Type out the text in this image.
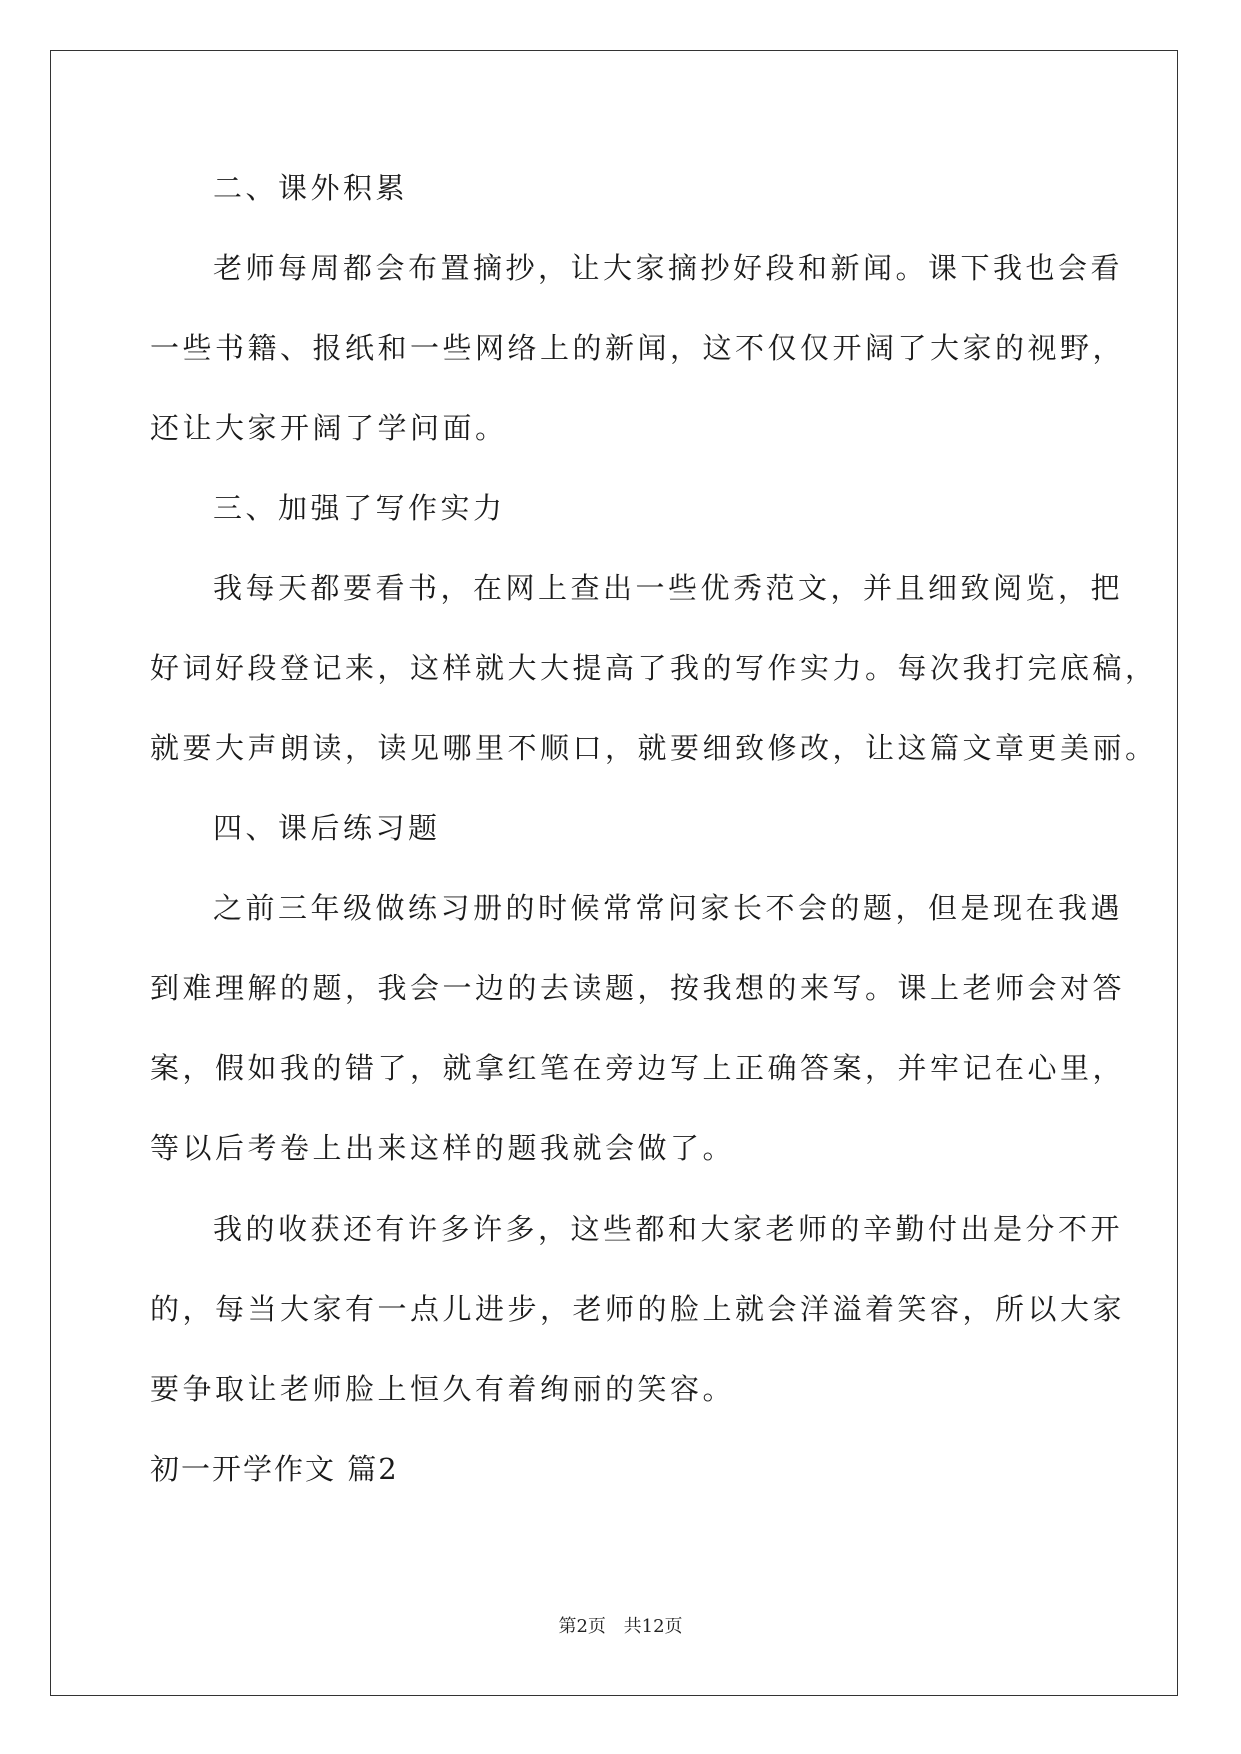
二、课外积累
老师每周都会布置摘抄，让大家摘抄好段和新闻。课下我也会看
一些书籍、报纸和一些网络上的新闻，这不仅仅开阔了大家的视野，
还让大家开阔了学问面。
三、加强了写作实力
我每天都要看书，在网上查出一些优秀范文，并且细致阅览，把
好词好段登记来，这样就大大提高了我的写作实力。每次我打完底稿，
就要大声朗读，读见哪里不顺口，就要细致修改，让这篇文章更美丽。
四、课后练习题
之前三年级做练习册的时候常常问家长不会的题，但是现在我遇
到难理解的题，我会一边的去读题，按我想的来写。课上老师会对答
案，假如我的错了，就拿红笔在旁边写上正确答案，并牢记在心里，
等以后考卷上出来这样的题我就会做了。
我的收获还有许多许多，这些都和大家老师的辛勤付出是分不开
的，每当大家有一点儿进步，老师的脸上就会洋溢着笑容，所以大家
要争取让老师脸上恒久有着绚丽的笑容。
初一开学作文 篇2
第2页 共12页
